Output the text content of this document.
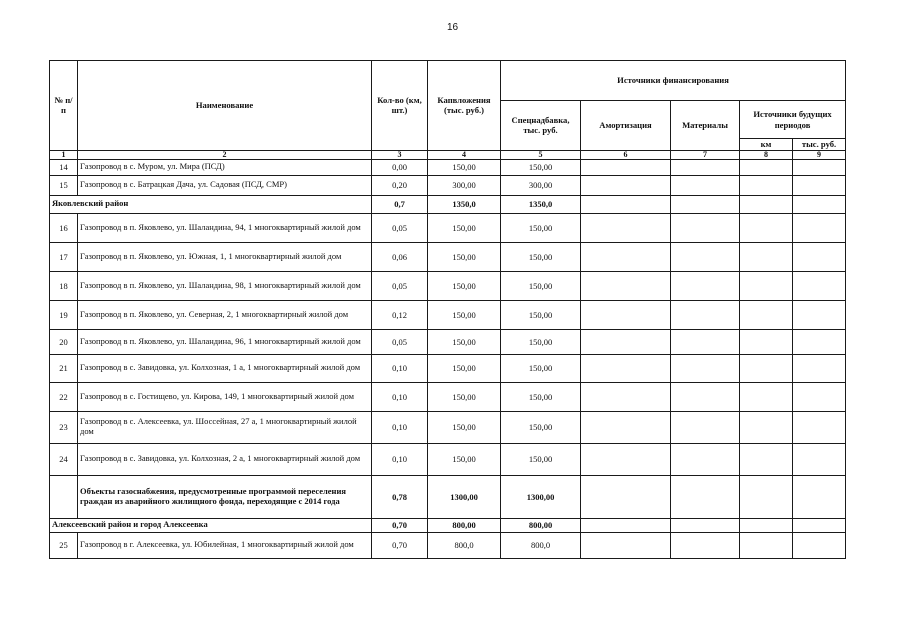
16
№ п/п	Наименование	Кол-во (км, шт.)	Капвложения (тыс. руб.)	Источники финансирования				
				Спецнадбавка, тыс. руб.	Амортизация	Материалы	Источники будущих периодов	
							км	тыс. руб.
1	2	3	4	5	6	7	8	9
14	Газопровод в с. Муром, ул. Мира (ПСД)	0,00	150,00	150,00				
15	Газопровод в с. Батрацкая Дача, ул. Садовая (ПСД, СМР)	0,20	300,00	300,00				
Яковлевский район		0,7	1350,0	1350,0				
16	Газопровод в п. Яковлево, ул. Шаландина, 94, 1 многоквартирный жилой дом	0,05	150,00	150,00				
17	Газопровод в п. Яковлево, ул. Южная, 1, 1 многоквартирный жилой дом	0,06	150,00	150,00				
18	Газопровод в п. Яковлево, ул. Шаландина, 98, 1 многоквартирный жилой дом	0,05	150,00	150,00				
19	Газопровод в п. Яковлево, ул. Северная, 2, 1 многоквартирный жилой дом	0,12	150,00	150,00				
20	Газопровод в п. Яковлево, ул. Шаландина, 96, 1 многоквартирный жилой дом	0,05	150,00	150,00				
21	Газопровод в с. Завидовка, ул. Колхозная, 1 а, 1 многоквартирный жилой дом	0,10	150,00	150,00				
22	Газопровод в с. Гостищево, ул. Кирова, 149, 1 многоквартирный жилой дом	0,10	150,00	150,00				
23	Газопровод в с. Алексеевка, ул. Шоссейная, 27 а, 1 многоквартирный жилой дом	0,10	150,00	150,00				
24	Газопровод в с. Завидовка, ул. Колхозная, 2 а, 1 многоквартирный жилой дом	0,10	150,00	150,00				
	Объекты газоснабжения, предусмотренные программой переселения граждан из аварийного жилищного фонда, переходящие с 2014 года	0,78	1300,00	1300,00				
Алексеевский район и город Алексеевка		0,70	800,00	800,00				
25	Газопровод в г. Алексеевка, ул. Юбилейная, 1 многоквартирный жилой дом	0,70	800,0	800,0				
